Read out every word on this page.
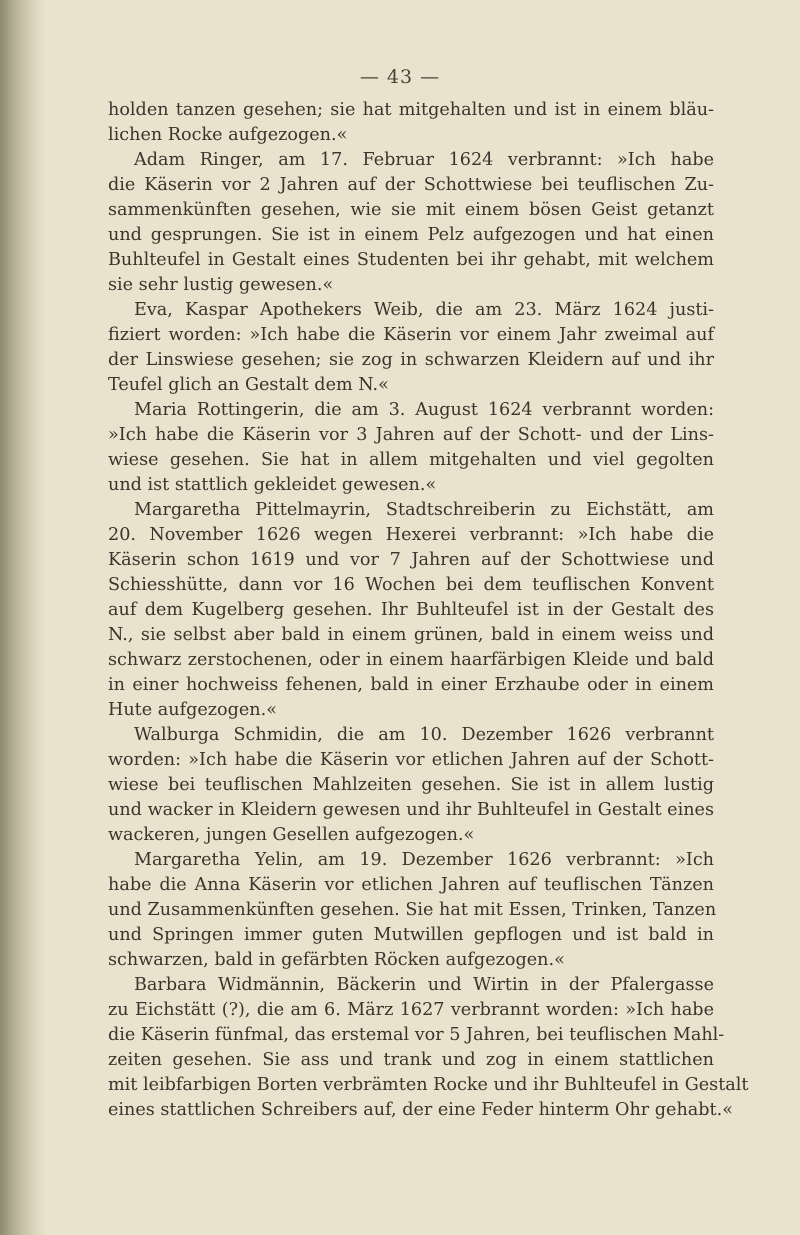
— 43 —
holden tanzen gesehen; sie hat mitgehalten und ist in einem bläu-
lichen Rocke aufgezogen.«
Adam Ringer, am 17. Februar 1624 verbrannt: »Ich habe
die Käserin vor 2 Jahren auf der Schottwiese bei teuflischen Zu-
sammenkünften gesehen, wie sie mit einem bösen Geist getanzt
und gesprungen. Sie ist in einem Pelz aufgezogen und hat einen
Buhlteufel in Gestalt eines Studenten bei ihr gehabt, mit welchem
sie sehr lustig gewesen.«
Eva, Kaspar Apothekers Weib, die am 23. März 1624 justi-
fiziert worden: »Ich habe die Käserin vor einem Jahr zweimal auf
der Linswiese gesehen; sie zog in schwarzen Kleidern auf und ihr
Teufel glich an Gestalt dem N.«
Maria Rottingerin, die am 3. August 1624 verbrannt worden:
»Ich habe die Käserin vor 3 Jahren auf der Schott- und der Lins-
wiese gesehen. Sie hat in allem mitgehalten und viel gegolten
und ist stattlich gekleidet gewesen.«
Margaretha Pittelmayrin, Stadtschreiberin zu Eichstätt, am
20. November 1626 wegen Hexerei verbrannt: »Ich habe die
Käserin schon 1619 und vor 7 Jahren auf der Schottwiese und
Schiesshütte, dann vor 16 Wochen bei dem teuflischen Konvent
auf dem Kugelberg gesehen. Ihr Buhlteufel ist in der Gestalt des
N., sie selbst aber bald in einem grünen, bald in einem weiss und
schwarz zerstochenen, oder in einem haarfärbigen Kleide und bald
in einer hochweiss fehenen, bald in einer Erzhaube oder in einem
Hute aufgezogen.«
Walburga Schmidin, die am 10. Dezember 1626 verbrannt
worden: »Ich habe die Käserin vor etlichen Jahren auf der Schott-
wiese bei teuflischen Mahlzeiten gesehen. Sie ist in allem lustig
und wacker in Kleidern gewesen und ihr Buhlteufel in Gestalt eines
wackeren, jungen Gesellen aufgezogen.«
Margaretha Yelin, am 19. Dezember 1626 verbrannt: »Ich
habe die Anna Käserin vor etlichen Jahren auf teuflischen Tänzen
und Zusammenkünften gesehen. Sie hat mit Essen, Trinken, Tanzen
und Springen immer guten Mutwillen gepflogen und ist bald in
schwarzen, bald in gefärbten Röcken aufgezogen.«
Barbara Widmännin, Bäckerin und Wirtin in der Pfalergasse
zu Eichstätt (?), die am 6. März 1627 verbrannt worden: »Ich habe
die Käserin fünfmal, das erstemal vor 5 Jahren, bei teuflischen Mahl-
zeiten gesehen. Sie ass und trank und zog in einem stattlichen
mit leibfarbigen Borten verbrämten Rocke und ihr Buhlteufel in Gestalt
eines stattlichen Schreibers auf, der eine Feder hinterm Ohr gehabt.«
